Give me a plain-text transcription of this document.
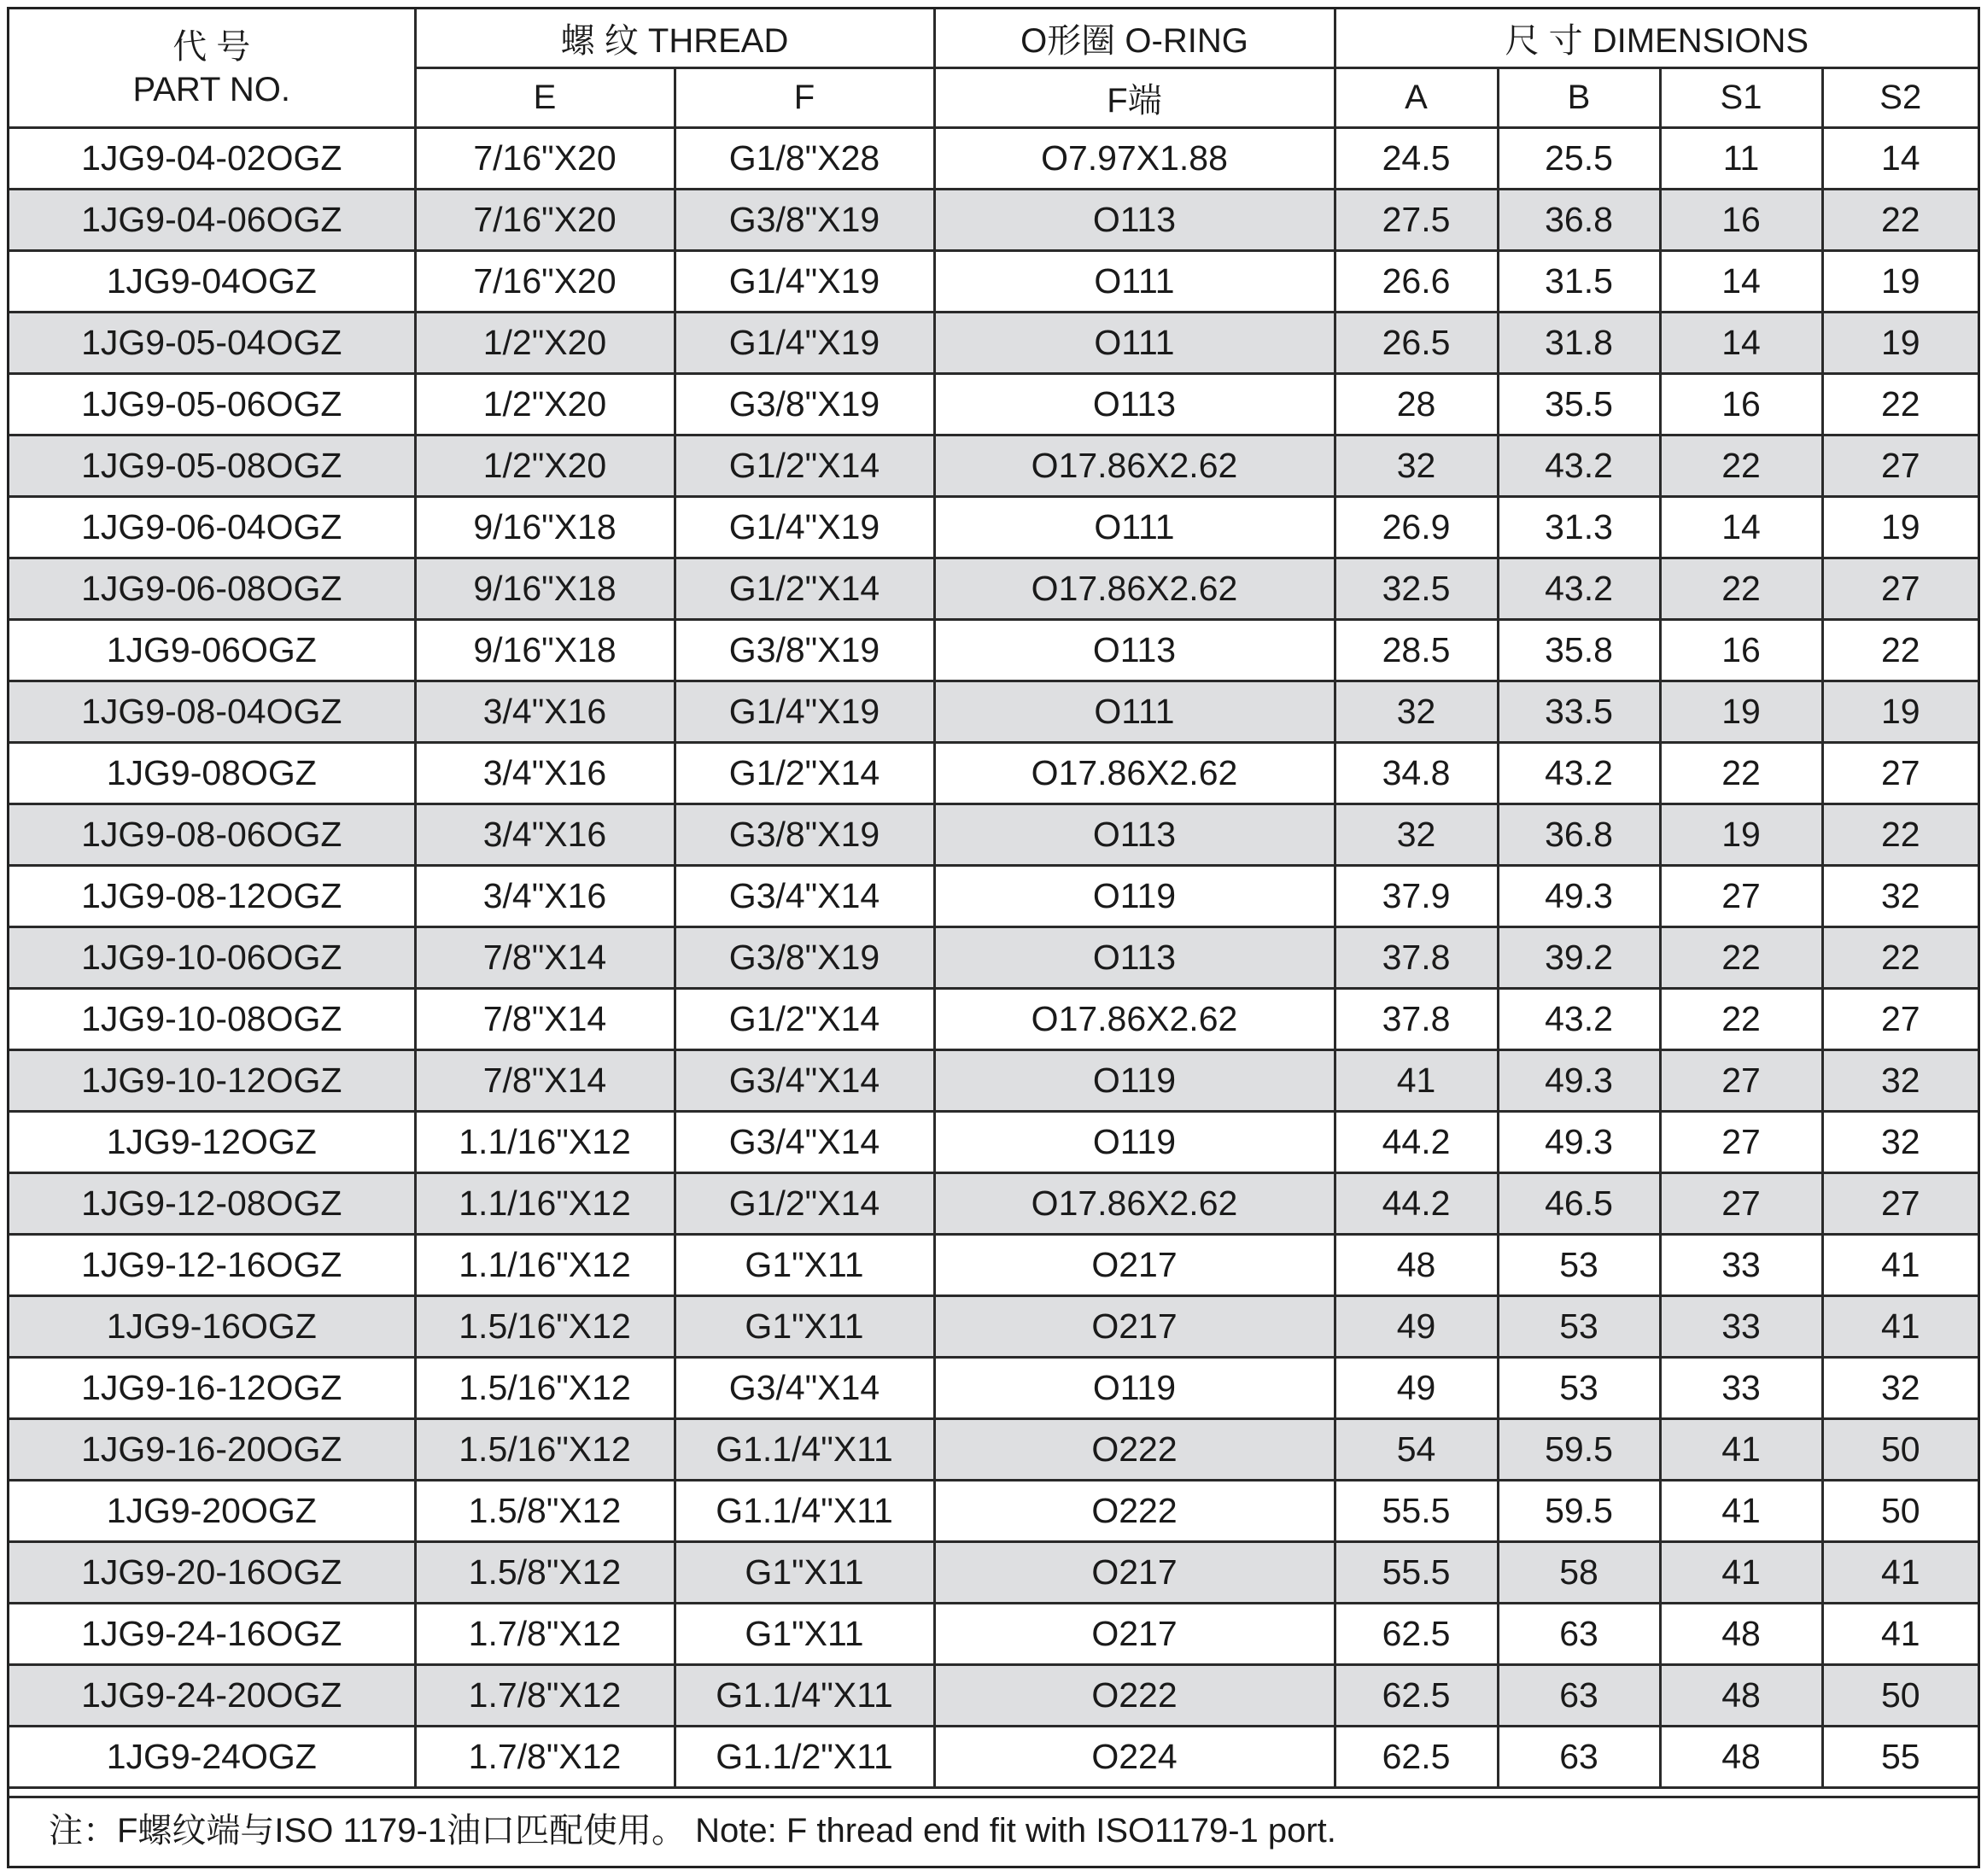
代 号
PART NO.	螺 纹 THREAD		O形圈 O-RING	尺 寸 DIMENSIONS			
	E	F	F端	A	B	S1	S2
1JG9-04-02OGZ	7/16"X20	G1/8"X28	O7.97X1.88	24.5	25.5	11	14
1JG9-04-06OGZ	7/16"X20	G3/8"X19	O113	27.5	36.8	16	22
1JG9-04OGZ	7/16"X20	G1/4"X19	O111	26.6	31.5	14	19
1JG9-05-04OGZ	1/2"X20	G1/4"X19	O111	26.5	31.8	14	19
1JG9-05-06OGZ	1/2"X20	G3/8"X19	O113	28	35.5	16	22
1JG9-05-08OGZ	1/2"X20	G1/2"X14	O17.86X2.62	32	43.2	22	27
1JG9-06-04OGZ	9/16"X18	G1/4"X19	O111	26.9	31.3	14	19
1JG9-06-08OGZ	9/16"X18	G1/2"X14	O17.86X2.62	32.5	43.2	22	27
1JG9-06OGZ	9/16"X18	G3/8"X19	O113	28.5	35.8	16	22
1JG9-08-04OGZ	3/4"X16	G1/4"X19	O111	32	33.5	19	19
1JG9-08OGZ	3/4"X16	G1/2"X14	O17.86X2.62	34.8	43.2	22	27
1JG9-08-06OGZ	3/4"X16	G3/8"X19	O113	32	36.8	19	22
1JG9-08-12OGZ	3/4"X16	G3/4"X14	O119	37.9	49.3	27	32
1JG9-10-06OGZ	7/8"X14	G3/8"X19	O113	37.8	39.2	22	22
1JG9-10-08OGZ	7/8"X14	G1/2"X14	O17.86X2.62	37.8	43.2	22	27
1JG9-10-12OGZ	7/8"X14	G3/4"X14	O119	41	49.3	27	32
1JG9-12OGZ	1.1/16"X12	G3/4"X14	O119	44.2	49.3	27	32
1JG9-12-08OGZ	1.1/16"X12	G1/2"X14	O17.86X2.62	44.2	46.5	27	27
1JG9-12-16OGZ	1.1/16"X12	G1"X11	O217	48	53	33	41
1JG9-16OGZ	1.5/16"X12	G1"X11	O217	49	53	33	41
1JG9-16-12OGZ	1.5/16"X12	G3/4"X14	O119	49	53	33	32
1JG9-16-20OGZ	1.5/16"X12	G1.1/4"X11	O222	54	59.5	41	50
1JG9-20OGZ	1.5/8"X12	G1.1/4"X11	O222	55.5	59.5	41	50
1JG9-20-16OGZ	1.5/8"X12	G1"X11	O217	55.5	58	41	41
1JG9-24-16OGZ	1.7/8"X12	G1"X11	O217	62.5	63	48	41
1JG9-24-20OGZ	1.7/8"X12	G1.1/4"X11	O222	62.5	63	48	50
1JG9-24OGZ	1.7/8"X12	G1.1/2"X11	O224	62.5	63	48	55
注：F螺纹端与ISO 1179-1油口匹配使用。 Note: F thread end fit with ISO1179-1 port.
